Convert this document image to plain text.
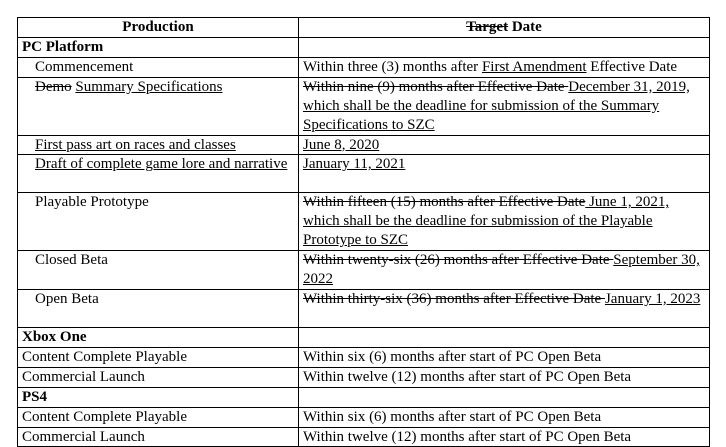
Production	Target Date
PC Platform	
Commencement	Within three (3) months after First Amendment Effective Date
Demo Summary Specifications	Within nine (9) months after Effective Date December 31, 2019, which shall be the deadline for submission of the Summary Specifications to SZC
First pass art on races and classes	June 8, 2020
Draft of complete game lore and narrative	January 11, 2021
Playable Prototype	Within fifteen (15) months after Effective Date June 1, 2021, which shall be the deadline for submission of the Playable Prototype to SZC
Closed Beta	Within twenty-six (26) months after Effective Date September 30, 2022
Open Beta	Within thirty-six (36) months after Effective Date January 1, 2023
Xbox One	
Content Complete Playable	Within six (6) months after start of PC Open Beta
Commercial Launch	Within twelve (12) months after start of PC Open Beta
PS4	
Content Complete Playable	Within six (6) months after start of PC Open Beta
Commercial Launch	Within twelve (12) months after start of PC Open Beta
